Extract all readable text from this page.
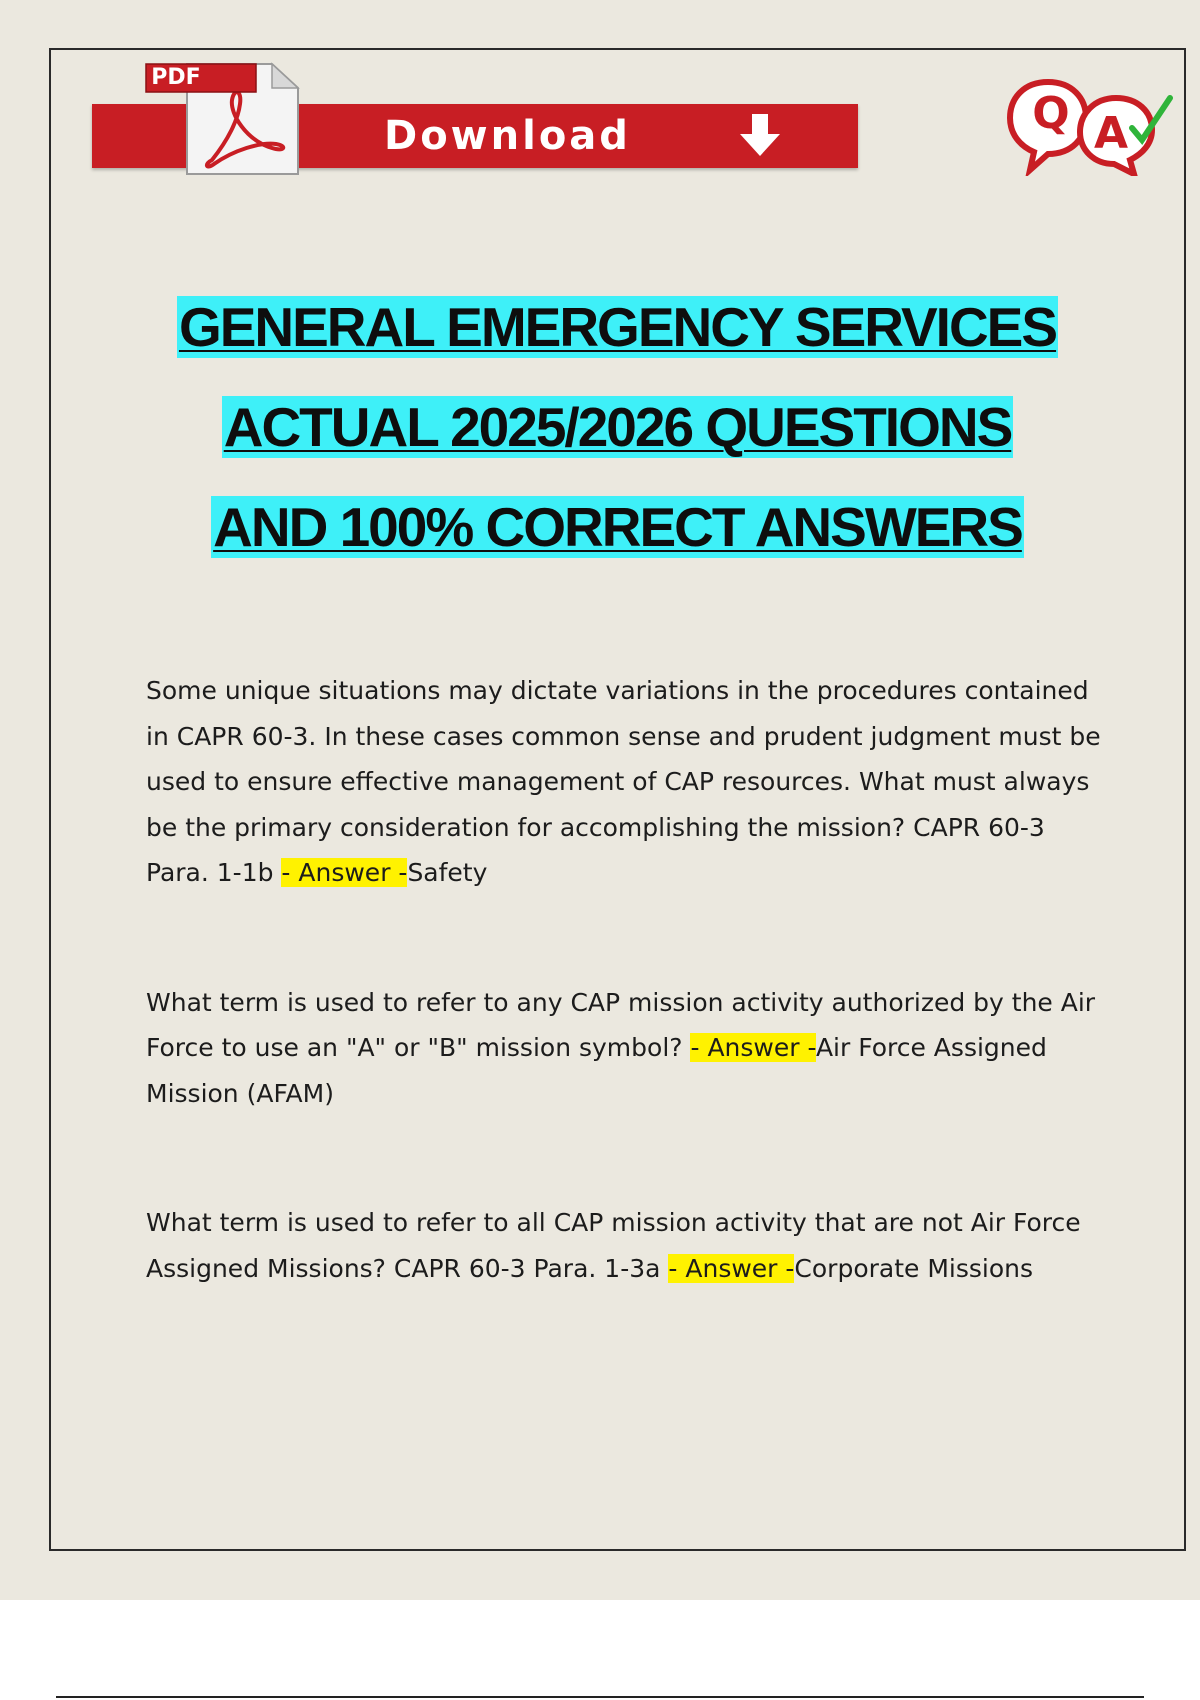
PDF
Download	Q A
GENERAL EMERGENCY SERVICES
ACTUAL 2025/2026 QUESTIONS
AND 100% CORRECT ANSWERS
Some unique situations may dictate variations in the procedures contained in CAPR 60-3. In these cases common sense and prudent judgment must be used to ensure effective management of CAP resources. What must always be the primary consideration for accomplishing the mission? CAPR 60-3 Para. 1-1b - Answer -Safety
What term is used to refer to any CAP mission activity authorized by the Air Force to use an "A" or "B" mission symbol? - Answer -Air Force Assigned Mission (AFAM)
What term is used to refer to all CAP mission activity that are not Air Force Assigned Missions? CAPR 60-3 Para. 1-3a - Answer -Corporate Missions
